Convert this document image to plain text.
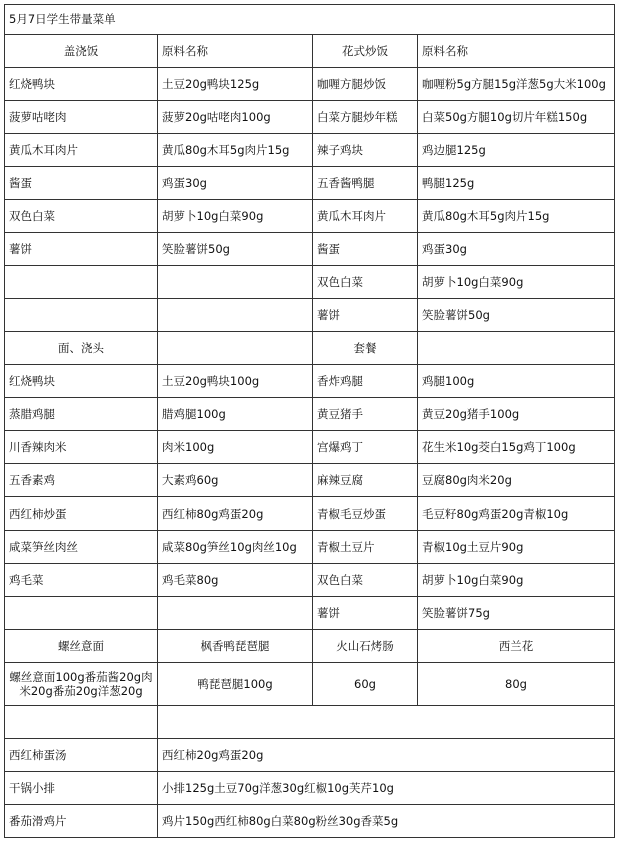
5月7日学生带量菜单			
盖浇饭	原料名称	花式炒饭	原料名称
红烧鸭块	土豆20g鸭块125g	咖喱方腿炒饭	咖喱粉5g方腿15g洋葱5g大米100g
菠萝咕咾肉	菠萝20g咕咾肉100g	白菜方腿炒年糕	白菜50g方腿10g切片年糕150g
黄瓜木耳肉片	黄瓜80g木耳5g肉片15g	辣子鸡块	鸡边腿125g
酱蛋	鸡蛋30g	五香酱鸭腿	鸭腿125g
双色白菜	胡萝卜10g白菜90g	黄瓜木耳肉片	黄瓜80g木耳5g肉片15g
薯饼	笑脸薯饼50g	酱蛋	鸡蛋30g
		双色白菜	胡萝卜10g白菜90g
		薯饼	笑脸薯饼50g
面、浇头		套餐	
红烧鸭块	土豆20g鸭块100g	香炸鸡腿	鸡腿100g
蒸腊鸡腿	腊鸡腿100g	黄豆猪手	黄豆20g猪手100g
川香辣肉米	肉米100g	宫爆鸡丁	花生米10g茭白15g鸡丁100g
五香素鸡	大素鸡60g	麻辣豆腐	豆腐80g肉米20g
西红柿炒蛋	西红柿80g鸡蛋20g	青椒毛豆炒蛋	毛豆籽80g鸡蛋20g青椒10g
咸菜笋丝肉丝	咸菜80g笋丝10g肉丝10g	青椒土豆片	青椒10g土豆片90g
鸡毛菜	鸡毛菜80g	双色白菜	胡萝卜10g白菜90g
		薯饼	笑脸薯饼75g
螺丝意面	枫香鸭琵琶腿	火山石烤肠	西兰花
螺丝意面100g番茄酱20g肉米20g番茄20g洋葱20g	鸭琵琶腿100g	60g	80g

西红柿蛋汤	西红柿20g鸡蛋20g		
干锅小排	小排125g土豆70g洋葱30g红椒10g芙芹10g		
番茄滑鸡片	鸡片150g西红柿80g白菜80g粉丝30g香菜5g		
